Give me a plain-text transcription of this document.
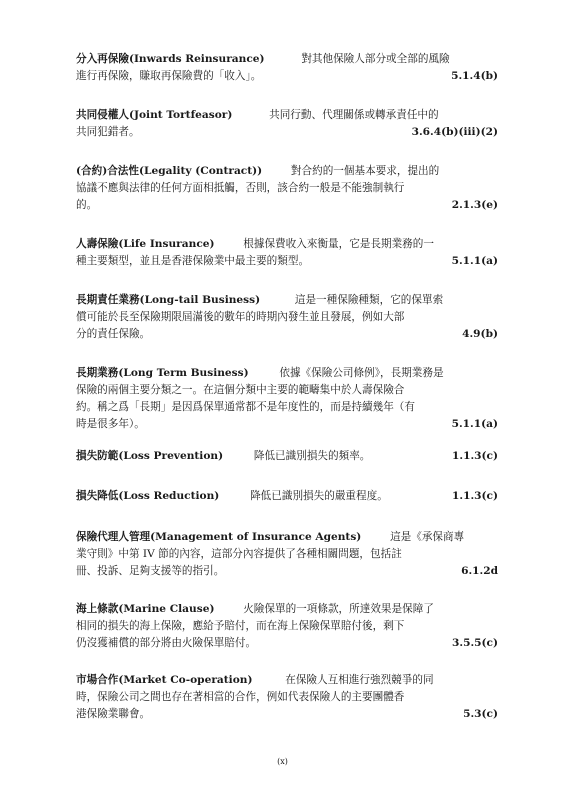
分入再保險(Inwards Reinsurance)	對其他保險人部分或全部的風險
進行再保險，賺取再保險費的「收入」。	5.1.4(b)
共同侵權人(Joint Tortfeasor)	共同行動、代理關係或轉承責任中的
共同犯錯者。	3.6.4(b)(iii)(2)
(合約)合法性(Legality (Contract))	對合約的一個基本要求，提出的
協議不應與法律的任何方面相抵觸，否則，該合約一般是不能強制執行
的。	2.1.3(e)
人壽保險(Life Insurance)	根據保費收入來衡量，它是長期業務的一
種主要類型，並且是香港保險業中最主要的類型。	5.1.1(a)
長期責任業務(Long-tail Business)	這是一種保險種類，它的保單索
償可能於長至保險期限屆滿後的數年的時期內發生並且發展，例如大部
分的責任保險。	4.9(b)
長期業務(Long Term Business)	依據《保險公司條例》，長期業務是
保險的兩個主要分類之一。在這個分類中主要的範疇集中於人壽保險合
約。稱之爲「長期」是因爲保單通常都不是年度性的，而是持續幾年（有
時是很多年）。	5.1.1(a)
損失防範(Loss Prevention)	降低已識別損失的頻率。	1.1.3(c)
損失降低(Loss Reduction)	降低已識別損失的嚴重程度。	1.1.3(c)
保險代理人管理(Management of Insurance Agents)	這是《承保商專
業守則》中第 IV 節的內容，這部分內容提供了各種相關問題，包括註
冊、投訴、足夠支援等的指引。	6.1.2d
海上條款(Marine Clause)	火險保單的一項條款，所達效果是保障了
相同的損失的海上保險，應給予賠付，而在海上保險保單賠付後，剩下
仍沒獲補償的部分將由火險保單賠付。	3.5.5(c)
市場合作(Market Co-operation)	在保險人互相進行強烈競爭的同
時，保險公司之間也存在著相當的合作，例如代表保險人的主要團體香
港保險業聯會。	5.3(c)
(x)
